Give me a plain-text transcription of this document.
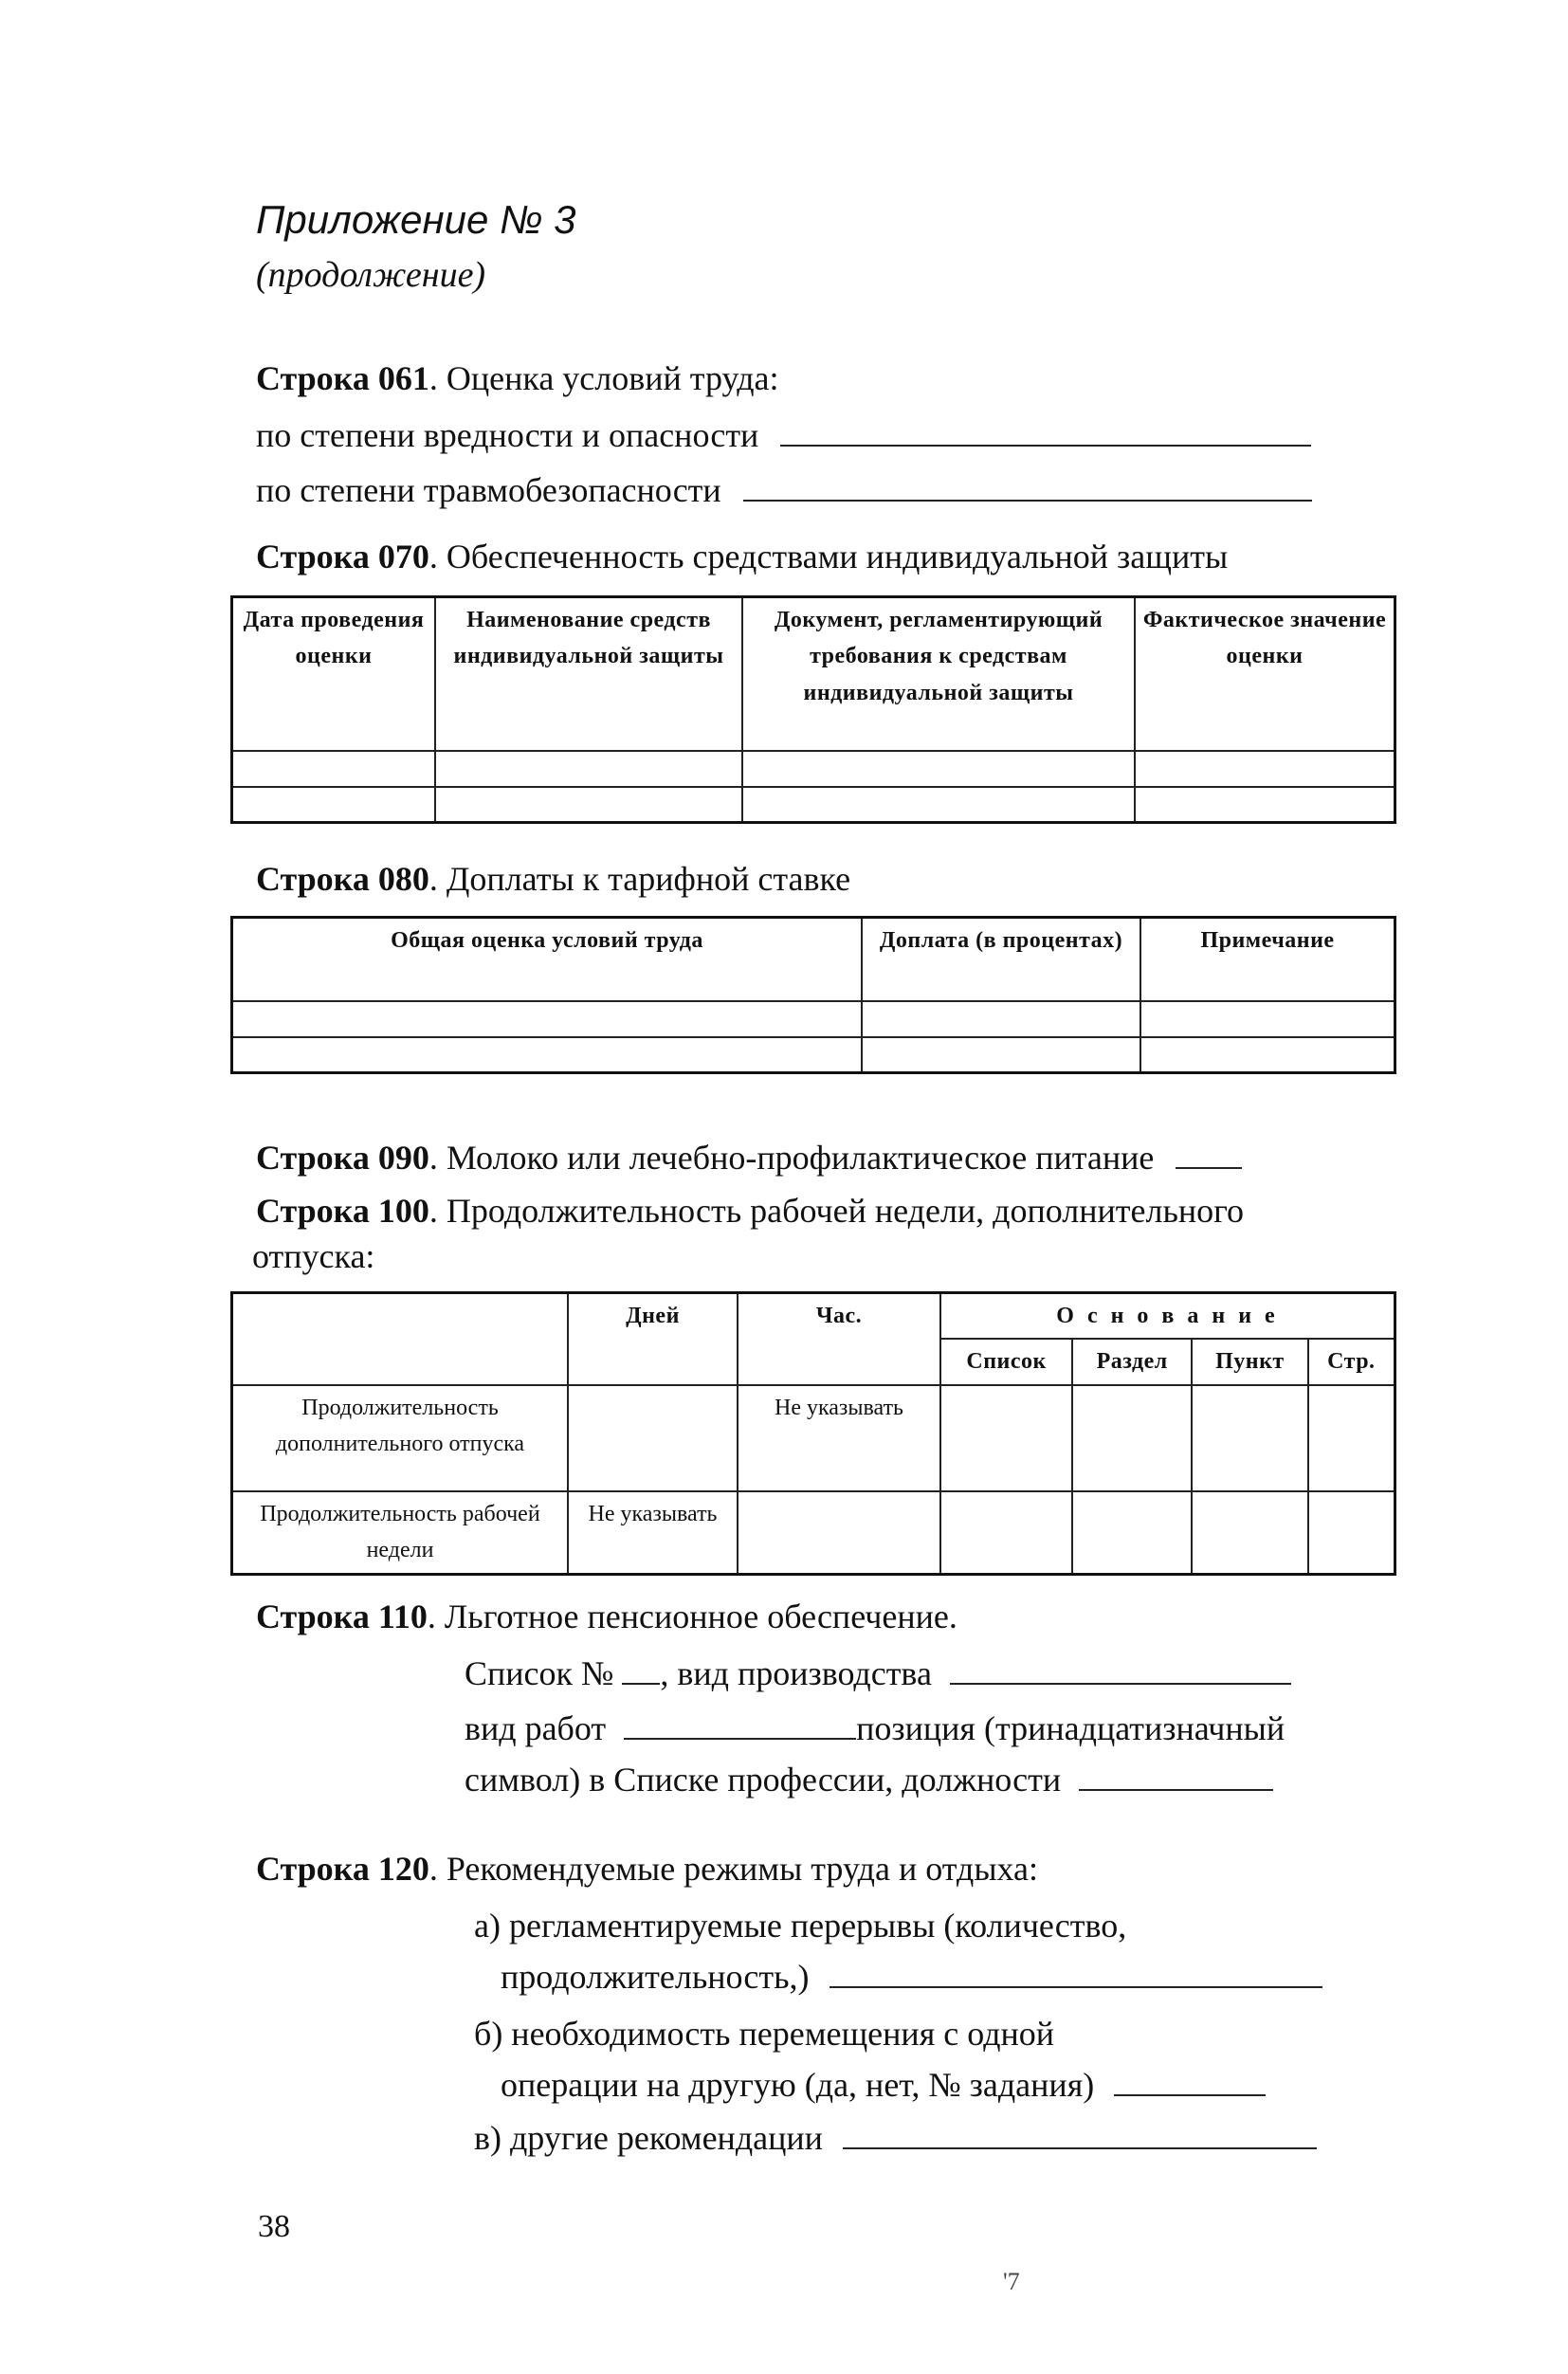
Приложение № 3
(продолжение)
Строка 061. Оценка условий труда:
по степени вредности и опасности
по степени травмобезопасности
Строка 070. Обеспеченность средствами индивидуальной защиты
Дата проведения оценки	Наименование средств индивидуальной защиты	Документ, регламентирующий требования к средствам индивидуальной защиты	Фактическое значение оценки

Строка 080. Доплаты к тарифной ставке
Общая оценка условий труда	Доплата (в процентах)	Примечание

Строка 090. Молоко или лечебно-профилактическое питание
Строка 100. Продолжительность рабочей недели, дополнительного
отпуска:
	Дней	Час.	О с н о в а н и е			
			Список	Раздел	Пункт	Стр.
Продолжительность дополнительного отпуска		Не указывать				
Продолжительность рабочей недели	Не указывать					
Строка 110. Льготное пенсионное обеспечение.
Список № , вид производства
вид работ	позиция (тринадцатизначный
символ) в Списке профессии, должности
Строка 120. Рекомендуемые режимы труда и отдыха:
а) регламентируемые перерывы (количество,
продолжительность,)
б) необходимость перемещения с одной
операции на другую (да, нет, № задания)
в) другие рекомендации
38
'7
